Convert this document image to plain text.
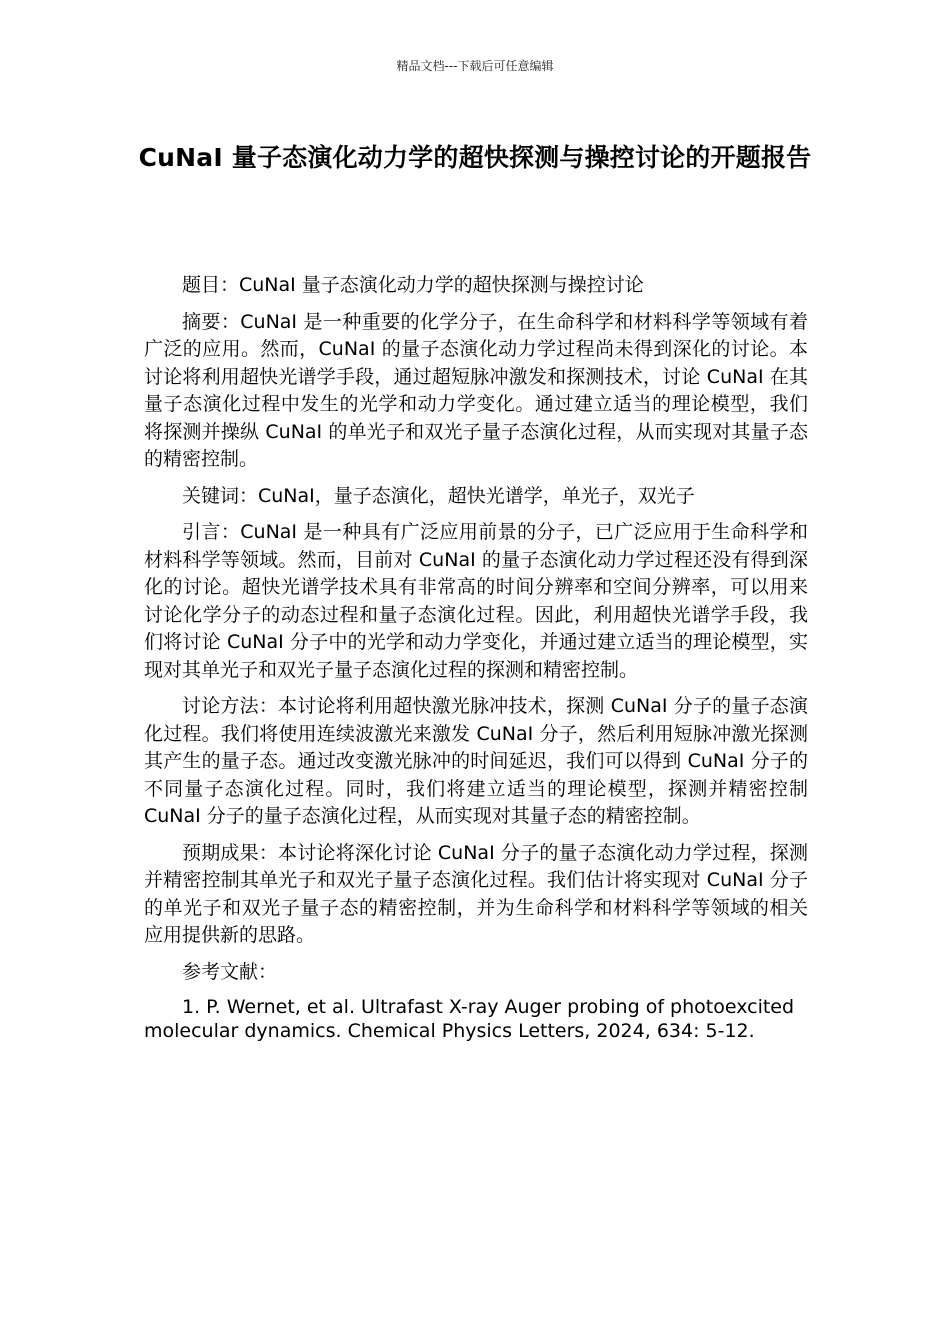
精品文档---下载后可任意编辑
CuNaI 量子态演化动力学的超快探测与操控讨论的开题报告

题目：CuNaI 量子态演化动力学的超快探测与操控讨论

摘要：CuNaI 是一种重要的化学分子，在生命科学和材料科学等领域有着广泛的应用。然而，CuNaI 的量子态演化动力学过程尚未得到深化的讨论。本讨论将利用超快光谱学手段，通过超短脉冲激发和探测技术，讨论 CuNaI 在其量子态演化过程中发生的光学和动力学变化。通过建立适当的理论模型，我们将探测并操纵 CuNaI 的单光子和双光子量子态演化过程，从而实现对其量子态的精密控制。

关键词：CuNaI，量子态演化，超快光谱学，单光子，双光子

引言：CuNaI 是一种具有广泛应用前景的分子，已广泛应用于生命科学和材料科学等领域。然而，目前对 CuNaI 的量子态演化动力学过程还没有得到深化的讨论。超快光谱学技术具有非常高的时间分辨率和空间分辨率，可以用来讨论化学分子的动态过程和量子态演化过程。因此，利用超快光谱学手段，我们将讨论 CuNaI 分子中的光学和动力学变化，并通过建立适当的理论模型，实现对其单光子和双光子量子态演化过程的探测和精密控制。

讨论方法：本讨论将利用超快激光脉冲技术，探测 CuNaI 分子的量子态演化过程。我们将使用连续波激光来激发 CuNaI 分子，然后利用短脉冲激光探测其产生的量子态。通过改变激光脉冲的时间延迟，我们可以得到 CuNaI 分子的不同量子态演化过程。同时，我们将建立适当的理论模型，探测并精密控制 CuNaI 分子的量子态演化过程，从而实现对其量子态的精密控制。

预期成果：本讨论将深化讨论 CuNaI 分子的量子态演化动力学过程，探测并精密控制其单光子和双光子量子态演化过程。我们估计将实现对 CuNaI 分子的单光子和双光子量子态的精密控制，并为生命科学和材料科学等领域的相关应用提供新的思路。

参考文献：

1. P. Wernet, et al. Ultrafast X-ray Auger probing of photoexcited molecular dynamics. Chemical Physics Letters, 2024, 634: 5-12.
